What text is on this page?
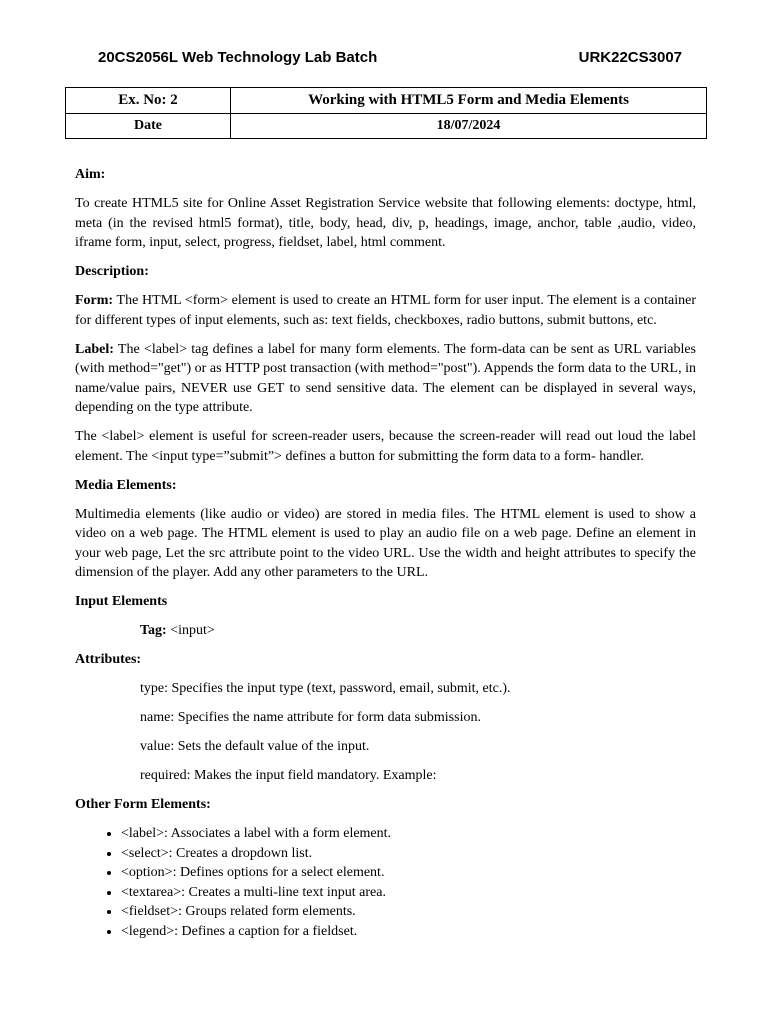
20CS2056L Web Technology Lab Batch	URK22CS3007
Ex. No: 2	Working with HTML5 Form and Media Elements
Date	18/07/2024

Aim:

To create HTML5 site for Online Asset Registration Service website that following elements: doctype, html, meta (in the revised html5 format), title, body, head, div, p, headings, image, anchor, table ,audio, video, iframe form, input, select, progress, fieldset, label, html comment.

Description:

Form: The HTML <form> element is used to create an HTML form for user input. The element is a container for different types of input elements, such as: text fields, checkboxes, radio buttons, submit buttons, etc.

Label: The <label> tag defines a label for many form elements. The form-data can be sent as URL variables (with method="get") or as HTTP post transaction (with method="post"). Appends the form data to the URL, in name/value pairs, NEVER use GET to send sensitive data. The element can be displayed in several ways, depending on the type attribute.

The <label> element is useful for screen-reader users, because the screen-reader will read out loud the label element. The <input type=”submit”> defines a button for submitting the form data to a form- handler.

Media Elements:

Multimedia elements (like audio or video) are stored in media files. The HTML element is used to show a video on a web page. The HTML element is used to play an audio file on a web page. Define an element in your web page, Let the src attribute point to the video URL. Use the width and height attributes to specify the dimension of the player. Add any other parameters to the URL.

Input Elements

Tag: <input>

Attributes:

type: Specifies the input type (text, password, email, submit, etc.).

name: Specifies the name attribute for form data submission.

value: Sets the default value of the input.

required: Makes the input field mandatory. Example:

Other Form Elements:

• <label>: Associates a label with a form element.
• <select>: Creates a dropdown list.
• <option>: Defines options for a select element.
• <textarea>: Creates a multi-line text input area.
• <fieldset>: Groups related form elements.
• <legend>: Defines a caption for a fieldset.
